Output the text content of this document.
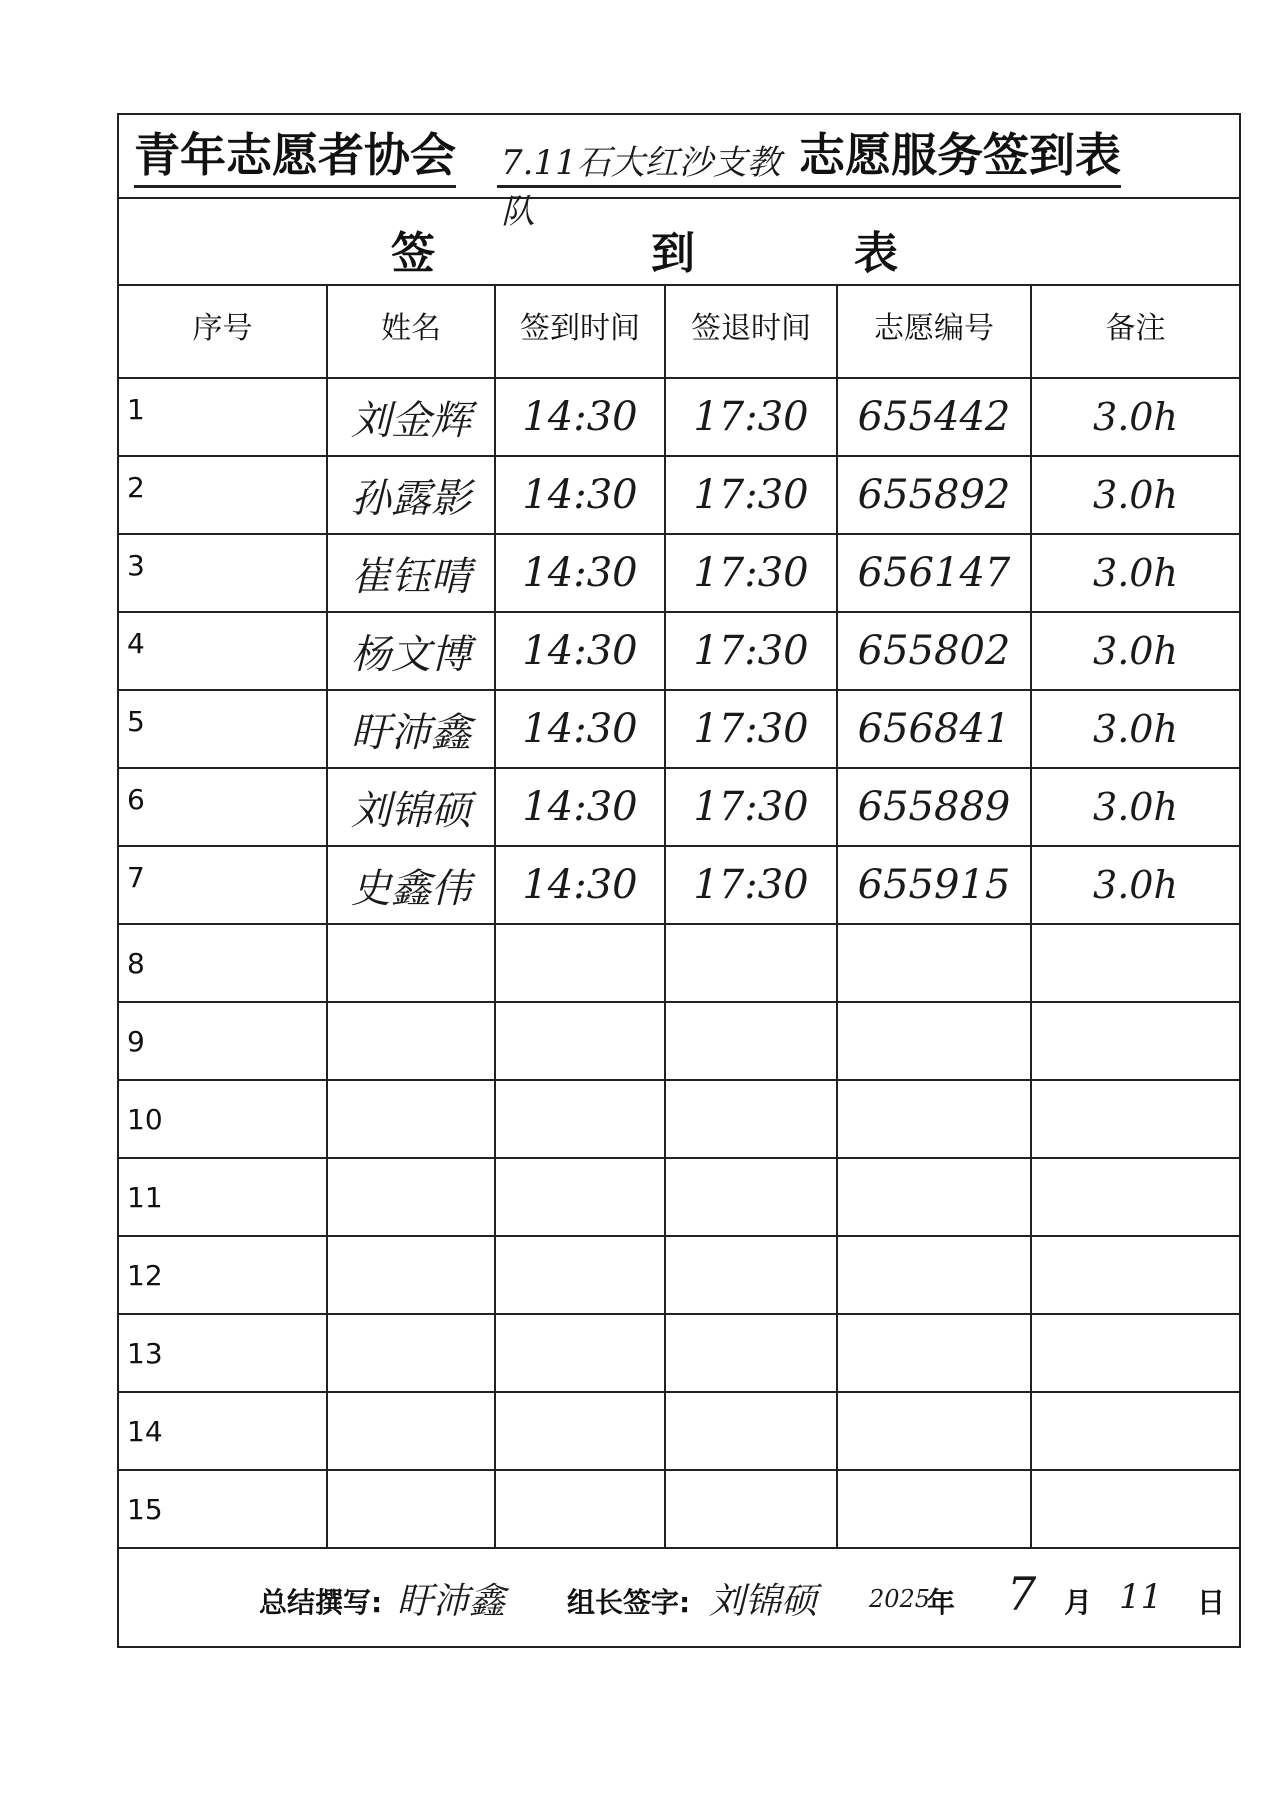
青年志愿者协会 7.11石大红沙支教队
志愿服务签到表
签	到	表
序号	姓名	签到时间	签退时间	志愿编号	备注
1	刘金辉	14:30	17:30	655442	3.0h
2	孙露影	14:30	17:30	655892	3.0h
3	崔钰晴	14:30	17:30	656147	3.0h
4	杨文博	14:30	17:30	655802	3.0h
5	盱沛鑫	14:30	17:30	656841	3.0h
6	刘锦硕	14:30	17:30	655889	3.0h
7	史鑫伟	14:30	17:30	655915	3.0h
8					
9					
10					
11					
12					
13					
14					
15					
总结撰写: 盱沛鑫 组长签字: 刘锦硕 2025
年 7 月 11 日
